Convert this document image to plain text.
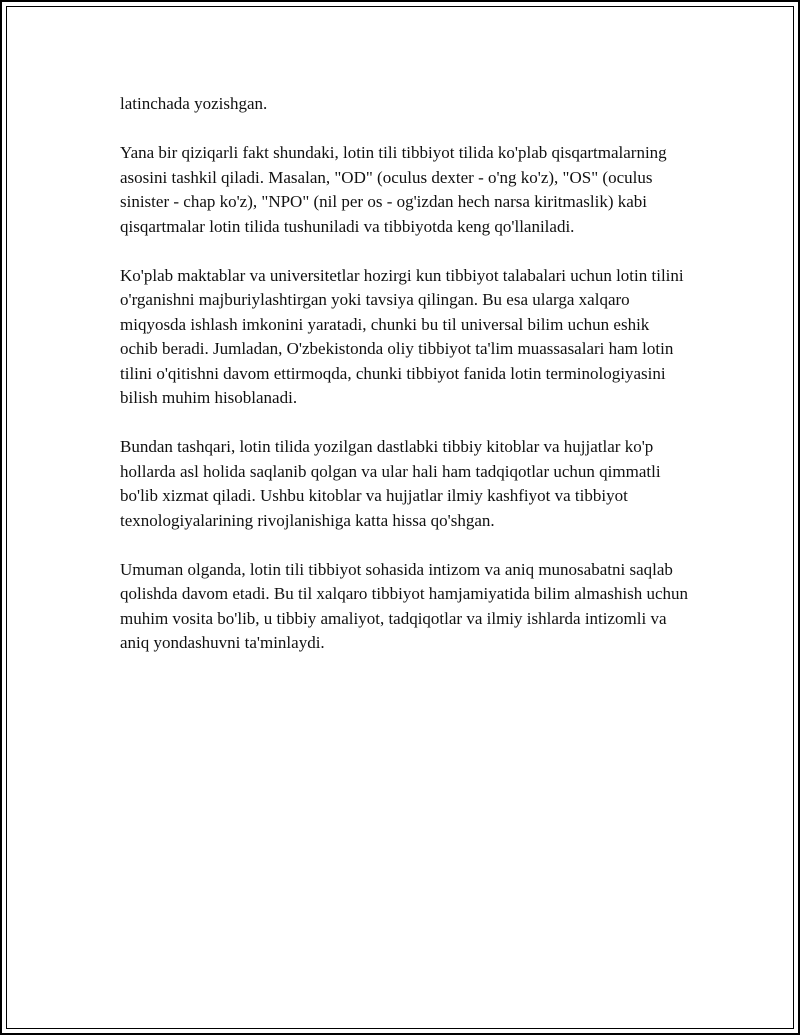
latinchada yozishgan.

Yana bir qiziqarli fakt shundaki, lotin tili tibbiyot tilida ko'plab qisqartmalarning asosini tashkil qiladi. Masalan, "OD" (oculus dexter - o'ng ko'z), "OS" (oculus sinister - chap ko'z), "NPO" (nil per os - og'izdan hech narsa kiritmaslik) kabi qisqartmalar lotin tilida tushuniladi va tibbiyotda keng qo'llaniladi.

Ko'plab maktablar va universitetlar hozirgi kun tibbiyot talabalari uchun lotin tilini o'rganishni majburiylashtirgan yoki tavsiya qilingan. Bu esa ularga xalqaro miqyosda ishlash imkonini yaratadi, chunki bu til universal bilim uchun eshik ochib beradi. Jumladan, O'zbekistonda oliy tibbiyot ta'lim muassasalari ham lotin tilini o'qitishni davom ettirmoqda, chunki tibbiyot fanida lotin terminologiyasini bilish muhim hisoblanadi.

Bundan tashqari, lotin tilida yozilgan dastlabki tibbiy kitoblar va hujjatlar ko'p hollarda asl holida saqlanib qolgan va ular hali ham tadqiqotlar uchun qimmatli bo'lib xizmat qiladi. Ushbu kitoblar va hujjatlar ilmiy kashfiyot va tibbiyot texnologiyalarining rivojlanishiga katta hissa qo'shgan.

Umuman olganda, lotin tili tibbiyot sohasida intizom va aniq munosabatni saqlab qolishda davom etadi. Bu til xalqaro tibbiyot hamjamiyatida bilim almashish uchun muhim vosita bo'lib, u tibbiy amaliyot, tadqiqotlar va ilmiy ishlarda intizomli va aniq yondashuvni ta'minlaydi.
